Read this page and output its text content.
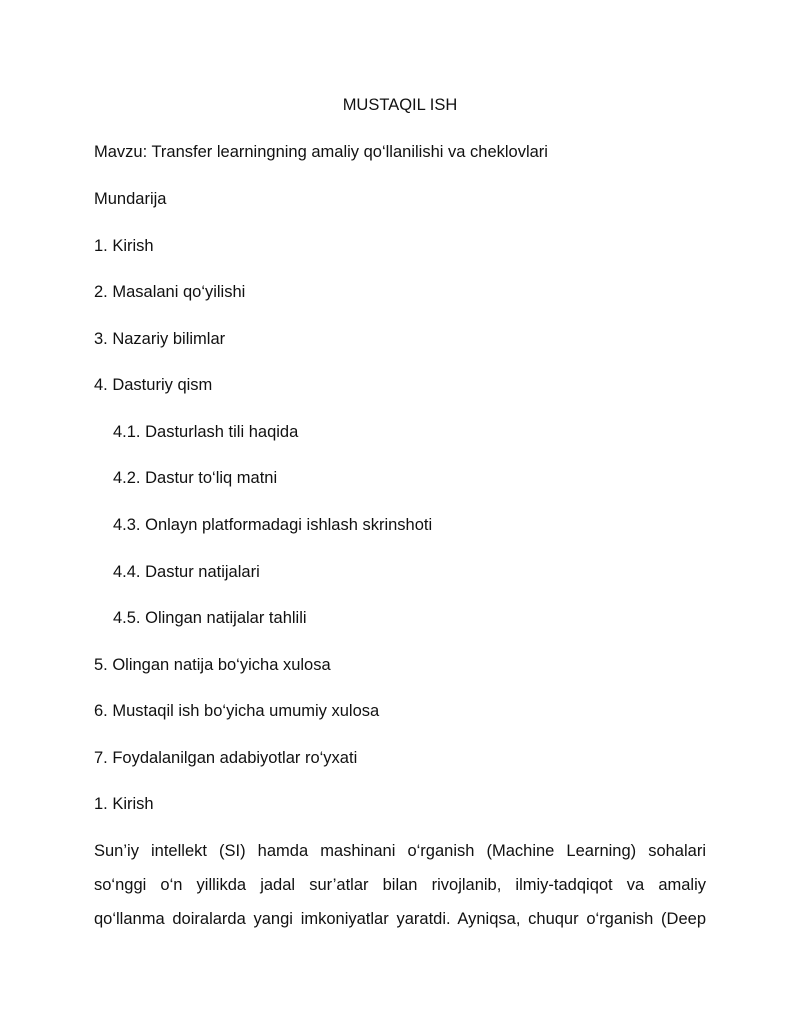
MUSTAQIL ISH
Mavzu: Transfer learningning amaliy qo‘llanilishi va cheklovlari
Mundarija
1. Kirish
2. Masalani qo‘yilishi
3. Nazariy bilimlar
4. Dasturiy qism
4.1. Dasturlash tili haqida
4.2. Dastur to‘liq matni
4.3. Onlayn platformadagi ishlash skrinshoti
4.4. Dastur natijalari
4.5. Olingan natijalar tahlili
5. Olingan natija bo‘yicha xulosa
6. Mustaqil ish bo‘yicha umumiy xulosa
7. Foydalanilgan adabiyotlar ro‘yxati
1. Kirish
Sun’iy intellekt (SI) hamda mashinani o‘rganish (Machine Learning) sohalari
so‘nggi o‘n yillikda jadal sur’atlar bilan rivojlanib, ilmiy-tadqiqot va amaliy
qo‘llanma doiralarda yangi imkoniyatlar yaratdi. Ayniqsa, chuqur o‘rganish (Deep
